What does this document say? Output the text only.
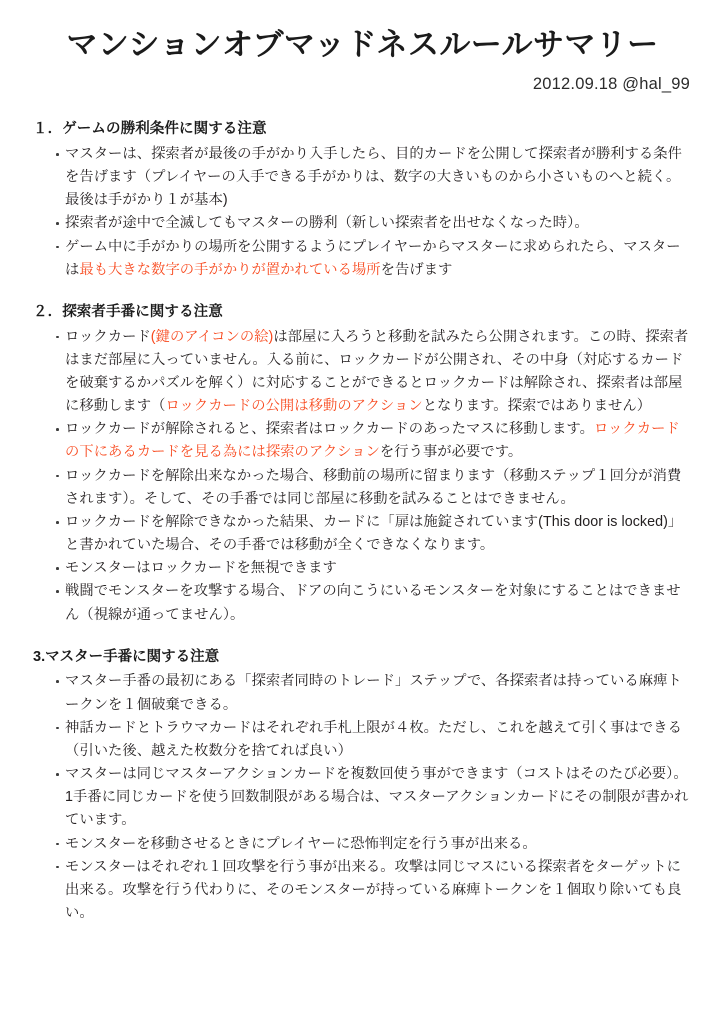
マンションオブマッドネスルールサマリー
2012.09.18 @hal_99
１．ゲームの勝利条件に関する注意
マスターは、探索者が最後の手がかり入手したら、目的カードを公開して探索者が勝利する条件を告げます（プレイヤーの入手できる手がかりは、数字の大きいものから小さいものへと続く。最後は手がかり１が基本)
探索者が途中で全滅してもマスターの勝利（新しい探索者を出せなくなった時）。
ゲーム中に手がかりの場所を公開するようにプレイヤーからマスターに求められたら、マスターは最も大きな数字の手がかりが置かれている場所を告げます
２．探索者手番に関する注意
ロックカード(鍵のアイコンの絵)は部屋に入ろうと移動を試みたら公開されます。この時、探索者はまだ部屋に入っていません。入る前に、ロックカードが公開され、その中身（対応するカードを破棄するかパズルを解く）に対応することができるとロックカードは解除され、探索者は部屋に移動します（ロックカードの公開は移動のアクションとなります。探索ではありません）
ロックカードが解除されると、探索者はロックカードのあったマスに移動します。ロックカードの下にあるカードを見る為には探索のアクションを行う事が必要です。
ロックカードを解除出来なかった場合、移動前の場所に留まります（移動ステップ１回分が消費されます）。そして、その手番では同じ部屋に移動を試みることはできません。
ロックカードを解除できなかった結果、カードに「扉は施錠されています(This door is locked)」と書かれていた場合、その手番では移動が全くできなくなります。
モンスターはロックカードを無視できます
戦闘でモンスターを攻撃する場合、ドアの向こうにいるモンスターを対象にすることはできません（視線が通ってません）。
3.マスター手番に関する注意
マスター手番の最初にある「探索者同時のトレード」ステップで、各探索者は持っている麻痺トークンを１個破棄できる。
神話カードとトラウマカードはそれぞれ手札上限が４枚。ただし、これを越えて引く事はできる（引いた後、越えた枚数分を捨てれば良い）
マスターは同じマスターアクションカードを複数回使う事ができます（コストはそのたび必要）。1手番に同じカードを使う回数制限がある場合は、マスターアクションカードにその制限が書かれています。
モンスターを移動させるときにプレイヤーに恐怖判定を行う事が出来る。
モンスターはそれぞれ１回攻撃を行う事が出来る。攻撃は同じマスにいる探索者をターゲットに出来る。攻撃を行う代わりに、そのモンスターが持っている麻痺トークンを１個取り除いても良い。
